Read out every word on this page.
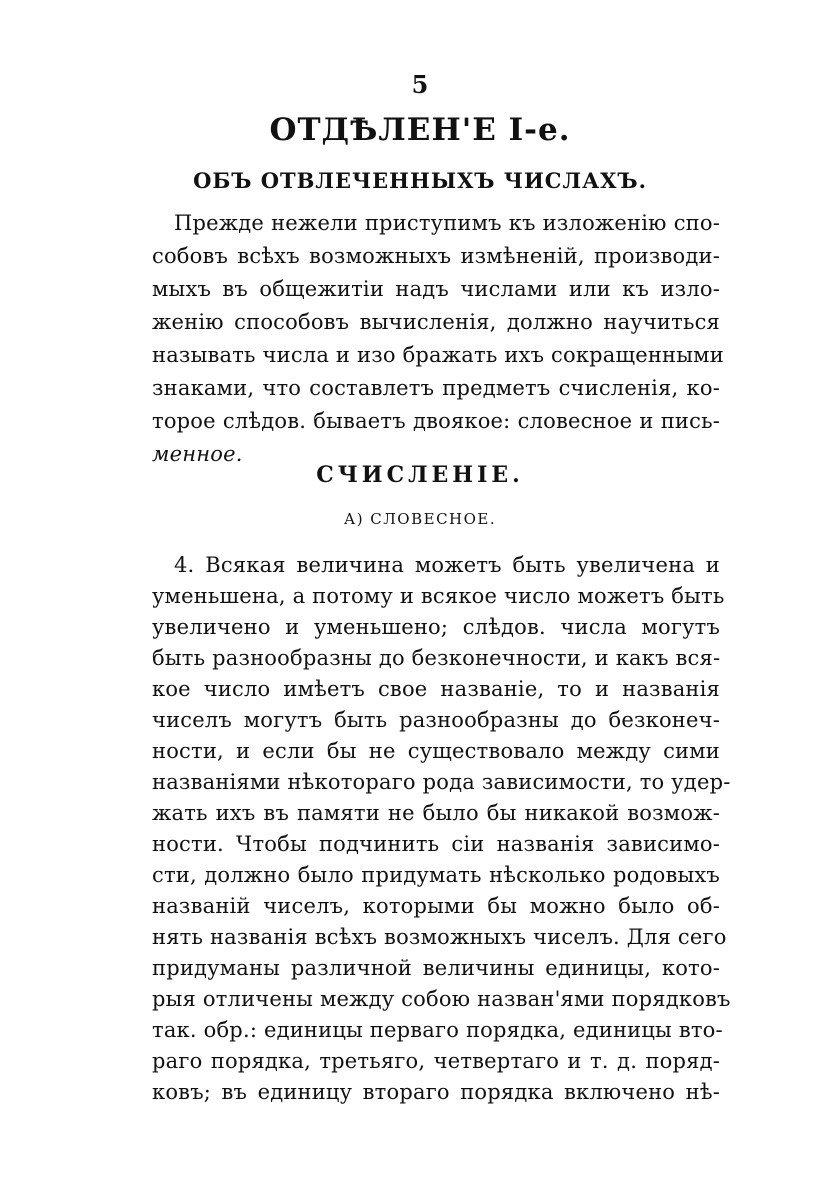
5
ОТДѢЛЕН'Е I-е.
ОБЪ ОТВЛЕЧЕННЫХЪ ЧИСЛАХЪ.
Прежде нежели приступимъ къ изложенiю спо-
собовъ всѣхъ возможныхъ измѣненiй, производи-
мыхъ въ общежитiи надъ числами или къ изло-
женiю способовъ вычисленiя, должно научиться
называть числа и изо бражать ихъ сокращенными
знаками, что составлетъ предметъ счисленiя, ко-
торое слѣдов. бываетъ двоякое: словесное и пись-
менное.
СЧИСЛЕНIЕ.
А) СЛОВЕСНОЕ.
4. Всякая величина можетъ быть увеличена и
уменьшена, а потому и всякое число можетъ быть
увеличено и уменьшено; слѣдов. числа могутъ
быть разнообразны до безконечности, и какъ вся-
кое число имѣетъ свое названiе, то и названiя
чиселъ могутъ быть разнообразны до безконеч-
ности, и если бы не существовало между сими
названiями нѣкотораго рода зависимости, то удер-
жать ихъ въ памяти не было бы никакой возмож-
ности. Чтобы подчинить сiи названiя зависимо-
сти, должно было придумать нѣсколько родовыхъ
названiй чиселъ, которыми бы можно было об-
нять названiя всѣхъ возможныхъ чиселъ. Для сего
придуманы различной величины единицы, кото-
рыя отличены между собою назван'ями порядковъ
так. обр.: единицы перваго порядка, единицы вто-
раго порядка, третьяго, четвертаго и т. д. поряд-
ковъ; въ единицу втораго порядка включено нѣ-
